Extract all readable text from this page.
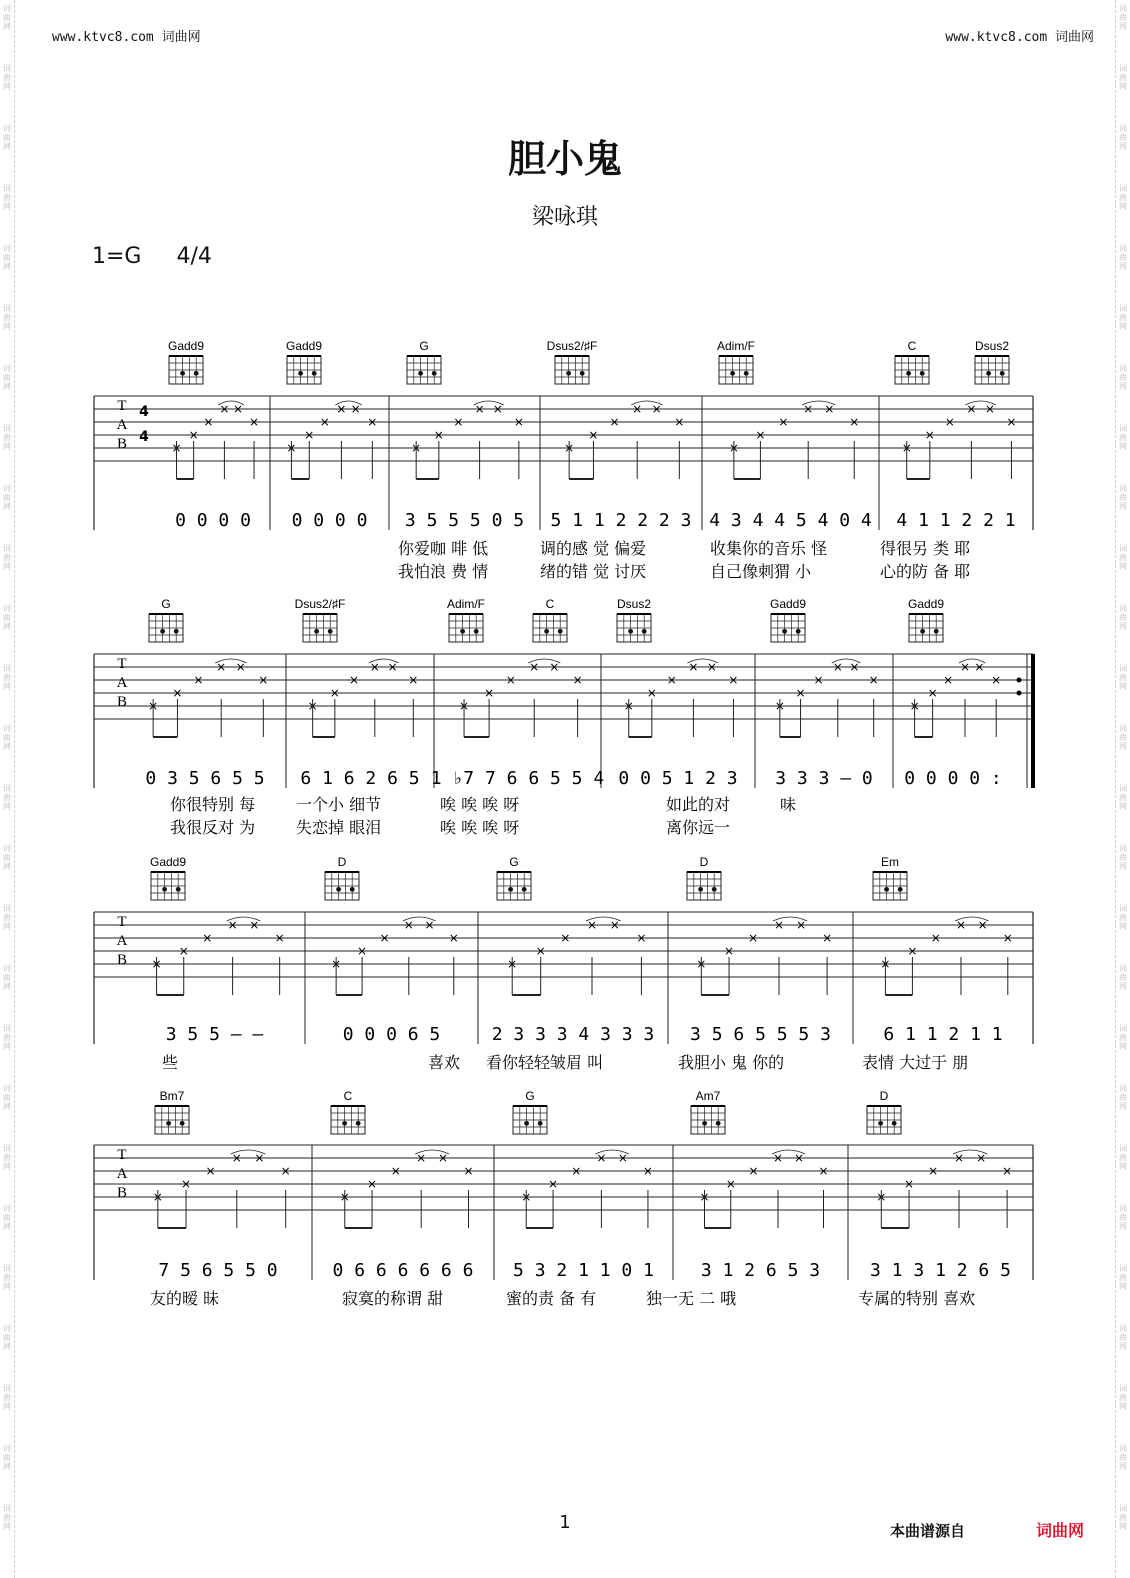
词曲网
词曲网
词曲网
词曲网
词曲网
词曲网
词曲网
词曲网
词曲网
词曲网
词曲网
词曲网
词曲网
词曲网
词曲网
词曲网
词曲网
词曲网
词曲网
词曲网
词曲网
词曲网
词曲网
词曲网
词曲网
词曲网
词曲网
词曲网
词曲网
词曲网
词曲网
词曲网
词曲网
词曲网
词曲网
词曲网
词曲网
词曲网
词曲网
词曲网
词曲网
词曲网
词曲网
词曲网
词曲网
词曲网
词曲网
词曲网
词曲网
词曲网
词曲网
词曲网
www.ktvc8.com 词曲网	www.ktvc8.com 词曲网
胆小鬼
梁咏琪
1=G 4/4
T
A
B
4
4
Gadd9	Gadd9	G	Dsus2/♯F	Adim/F	C	Dsus2
×
×
×
× ×
×
×
×
×
× ×
×
×
×
×
× ×
×
×
×
×
× ×
×
×
×
×
× ×
×
×
×
×
× ×
×
0 0 0 0 0 0 0 0 3 5 5 5 0 5 5 1 1 2 2 2 3 4 3 4 4 5 4 0 4 4 1 1 2 2 1
你爱咖 啡 低	调的感 觉 偏爱	收集你的音乐 怪	得很另 类 耶
我怕浪 费 情	绪的错 觉 讨厌	自己像刺猬 小	心的防 备 耶
T
A
B
G	Dsus2/♯F	Adim/F	C	Dsus2	Gadd9	Gadd9
×
×
×
× ×
×
×
×
×
× ×
×
×
×
×
× ×
×
×
×
×
× ×
×
×
×
×
× ×
×
×
×
×
× ×
×
0 3 5 6 5 5 6 1 6 2 6 5 1 ♭7 7 6 6 5 5 4 0 0 5 1 2 3 3 3 3 – 0 0 0 0 0 :
你很特别 每	一个小 细节	唉 唉 唉 呀	如此的对	味
我很反对 为	失恋掉 眼泪	唉 唉 唉 呀	离你远一
T
A
B
Gadd9	D	G	D	Em
×
×
×
× ×
×
×
×
×
× ×
×
×
×
×
× ×
×
×
×
×
× ×
×
×
×
×
× ×
×
3 5 5 – –	0 0 0 6 5	2 3 3 3 4 3 3 3 3 5 6 5 5 5 3	6 1 1 2 1 1
些	喜欢 看你轻轻皱眉 叫	我胆小 鬼 你的	表情 大过于 朋
T
A
B
Bm7	C	G	Am7	D
×
×
×
× ×
×
×
×
×
× ×
×
×
×
×
× ×
×
×
×
×
× ×
×
×
×
×
× ×
×
7 5 6 5 5 0	0 6 6 6 6 6 6 5 3 2 1 1 0 1	3 1 2 6 5 3	3 1 3 1 2 6 5
友的暧 昧	寂寞的称谓 甜	蜜的责 备 有	独一无 二 哦	专属的特别 喜欢
1	本曲谱源自	词曲网
